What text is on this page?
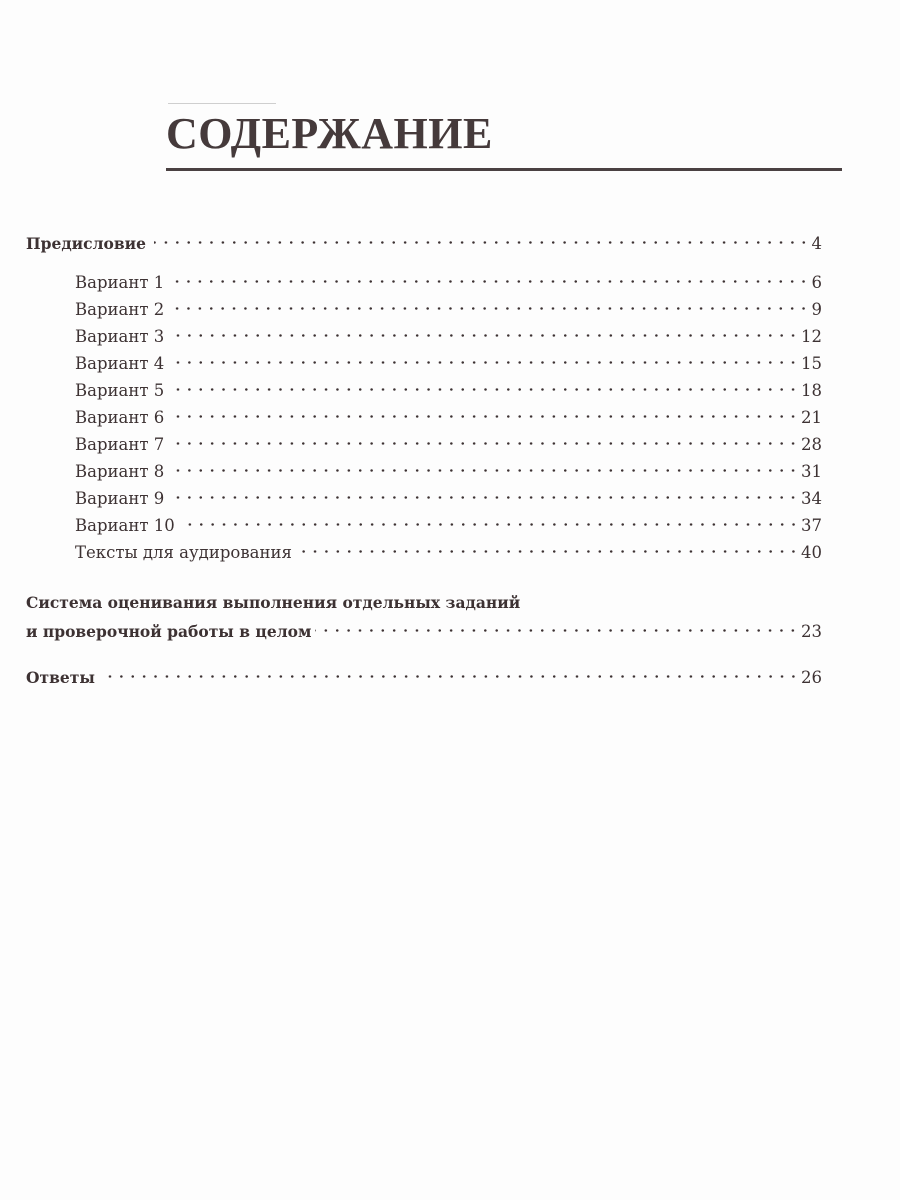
СОДЕРЖАНИЕ
Предисловие	4
Вариант 1	6
Вариант 2	9
Вариант 3	12
Вариант 4	15
Вариант 5	18
Вариант 6	21
Вариант 7	28
Вариант 8	31
Вариант 9	34
Вариант 10	37
Тексты для аудирования	40
Система оценивания выполнения отдельных заданий
и проверочной работы в целом	23
Ответы	26
